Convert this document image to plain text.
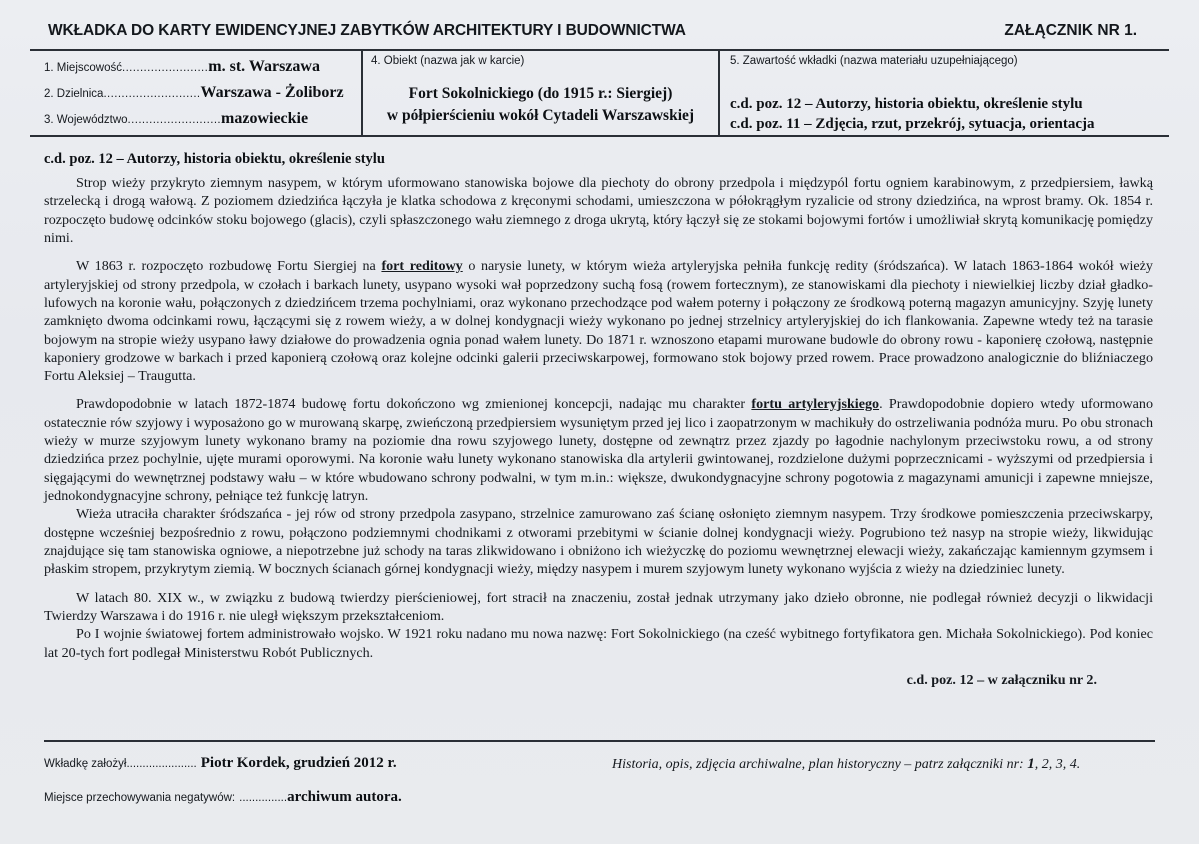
WKŁADKA DO KARTY EWIDENCYJNEJ ZABYTKÓW ARCHITEKTURY I BUDOWNICTWA	ZAŁĄCZNIK NR 1.
1. Miejscowość ........................ m. st. Warszawa
2. Dzielnica ........................... Warszawa - Żoliborz
3. Województwo .......................... mazowieckie
4. Obiekt (nazwa jak w karcie)
Fort Sokolnickiego (do 1915 r.: Siergiej)
w półpierścieniu wokół Cytadeli Warszawskiej
5. Zawartość wkładki (nazwa materiału uzupełniającego)
c.d. poz. 12 – Autorzy, historia obiektu, określenie stylu
c.d. poz. 11 – Zdjęcia, rzut, przekrój, sytuacja, orientacja
c.d. poz. 12 – Autorzy, historia obiektu, określenie stylu

Strop wieży przykryto ziemnym nasypem, w którym uformowano stanowiska bojowe dla piechoty do obrony przedpola i międzypól fortu ogniem karabinowym, z przedpiersiem, ławką strzelecką i drogą wałową. Z poziomem dziedzińca łączyła je klatka schodowa z kręconymi schodami, umieszczona w półokrągłym ryzalicie od strony dziedzińca, na wprost bramy. Ok. 1854 r. rozpoczęto budowę odcinków stoku bojowego (glacis), czyli spłaszczonego wału ziemnego z droga ukrytą, który łączył się ze stokami bojowymi fortów i umożliwiał skrytą komunikację pomiędzy nimi.

W 1863 r. rozpoczęto rozbudowę Fortu Siergiej na fort reditowy o narysie lunety, w którym wieża artyleryjska pełniła funkcję redity (śródszańca). W latach 1863-1864 wokół wieży artyleryjskiej od strony przedpola, w czołach i barkach lunety, usypano wysoki wał poprzedzony suchą fosą (rowem fortecznym), ze stanowiskami dla piechoty i niewielkiej liczby dział gładko-lufowych na koronie wału, połączonych z dziedzińcem trzema pochylniami, oraz wykonano przechodzące pod wałem poterny i połączony ze środkową poterną magazyn amunicyjny. Szyję lunety zamknięto dwoma odcinkami rowu, łączącymi się z rowem wieży, a w dolnej kondygnacji wieży wykonano po jednej strzelnicy artyleryjskiej do ich flankowania. Zapewne wtedy też na tarasie bojowym na stropie wieży usypano ławy działowe do prowadzenia ognia ponad wałem lunety. Do 1871 r. wznoszono etapami murowane budowle do obrony rowu - kaponierę czołową, następnie kaponiery grodzowe w barkach i przed kaponierą czołową oraz kolejne odcinki galerii przeciwskarpowej, formowano stok bojowy przed rowem. Prace prowadzono analogicznie do bliźniaczego Fortu Aleksiej – Traugutta.

Prawdopodobnie w latach 1872-1874 budowę fortu dokończono wg zmienionej koncepcji, nadając mu charakter fortu artyleryjskiego. Prawdopodobnie dopiero wtedy uformowano ostatecznie rów szyjowy i wyposażono go w murowaną skarpę, zwieńczoną przedpiersiem wysuniętym przed jej lico i zaopatrzonym w machikuły do ostrzeliwania podnóża muru. Po obu stronach wieży w murze szyjowym lunety wykonano bramy na poziomie dna rowu szyjowego lunety, dostępne od zewnątrz przez zjazdy po łagodnie nachylonym przeciwstoku rowu, a od strony dziedzińca przez pochylnie, ujęte murami oporowymi. Na koronie wału lunety wykonano stanowiska dla artylerii gwintowanej, rozdzielone dużymi poprzecznicami - wyższymi od przedpiersia i sięgającymi do wewnętrznej podstawy wału – w które wbudowano schrony podwalni, w tym m.in.: większe, dwukondygnacyjne schrony pogotowia z magazynami amunicji i zapewne mniejsze, jednokondygnacyjne schrony, pełniące też funkcję latryn.

Wieża utraciła charakter śródszańca - jej rów od strony przedpola zasypano, strzelnice zamurowano zaś ścianę osłonięto ziemnym nasypem. Trzy środkowe pomieszczenia przeciwskarpy, dostępne wcześniej bezpośrednio z rowu, połączono podziemnymi chodnikami z otworami przebitymi w ścianie dolnej kondygnacji wieży. Pogrubiono też nasyp na stropie wieży, likwidując znajdujące się tam stanowiska ogniowe, a niepotrzebne już schody na taras zlikwidowano i obniżono ich wieżyczkę do poziomu wewnętrznej elewacji wieży, zakańczając kamiennym gzymsem i płaskim stropem, przykrytym ziemią. W bocznych ścianach górnej kondygnacji wieży, między nasypem i murem szyjowym lunety wykonano wyjścia z wieży na dziedziniec lunety.

W latach 80. XIX w., w związku z budową twierdzy pierścieniowej, fort stracił na znaczeniu, został jednak utrzymany jako dzieło obronne, nie podlegał również decyzji o likwidacji Twierdzy Warszawa i do 1916 r. nie uległ większym przekształceniom.

Po I wojnie światowej fortem administrowało wojsko. W 1921 roku nadano mu nowa nazwę: Fort Sokolnickiego (na cześć wybitnego fortyfikatora gen. Michała Sokolnickiego). Pod koniec lat 20-tych fort podlegał Ministerstwu Robót Publicznych.

c.d. poz. 12 – w załączniku nr 2.

Wkładkę założył ......................
Piotr Kordek, grudzień 2012 r.
Miejsce przechowywania negatywów:
............... archiwum autora.
Historia, opis, zdjęcia archiwalne, plan historyczny – patrz załączniki nr: 1, 2, 3, 4.
